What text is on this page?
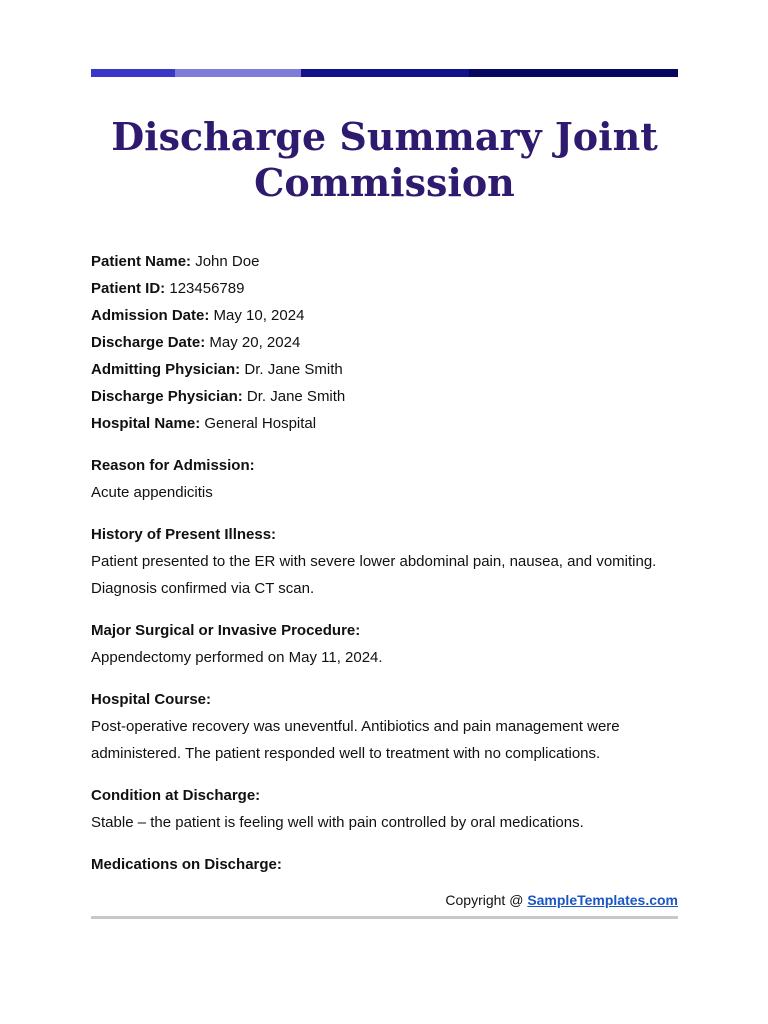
Discharge Summary Joint Commission

Patient Name: John Doe

Patient ID: 123456789

Admission Date: May 10, 2024

Discharge Date: May 20, 2024

Admitting Physician: Dr. Jane Smith

Discharge Physician: Dr. Jane Smith

Hospital Name: General Hospital

Reason for Admission:

Acute appendicitis

History of Present Illness:

Patient presented to the ER with severe lower abdominal pain, nausea, and vomiting. Diagnosis confirmed via CT scan.

Major Surgical or Invasive Procedure:

Appendectomy performed on May 11, 2024.

Hospital Course:

Post-operative recovery was uneventful. Antibiotics and pain management were administered. The patient responded well to treatment with no complications.

Condition at Discharge:

Stable – the patient is feeling well with pain controlled by oral medications.

Medications on Discharge:

Copyright @ SampleTemplates.com
